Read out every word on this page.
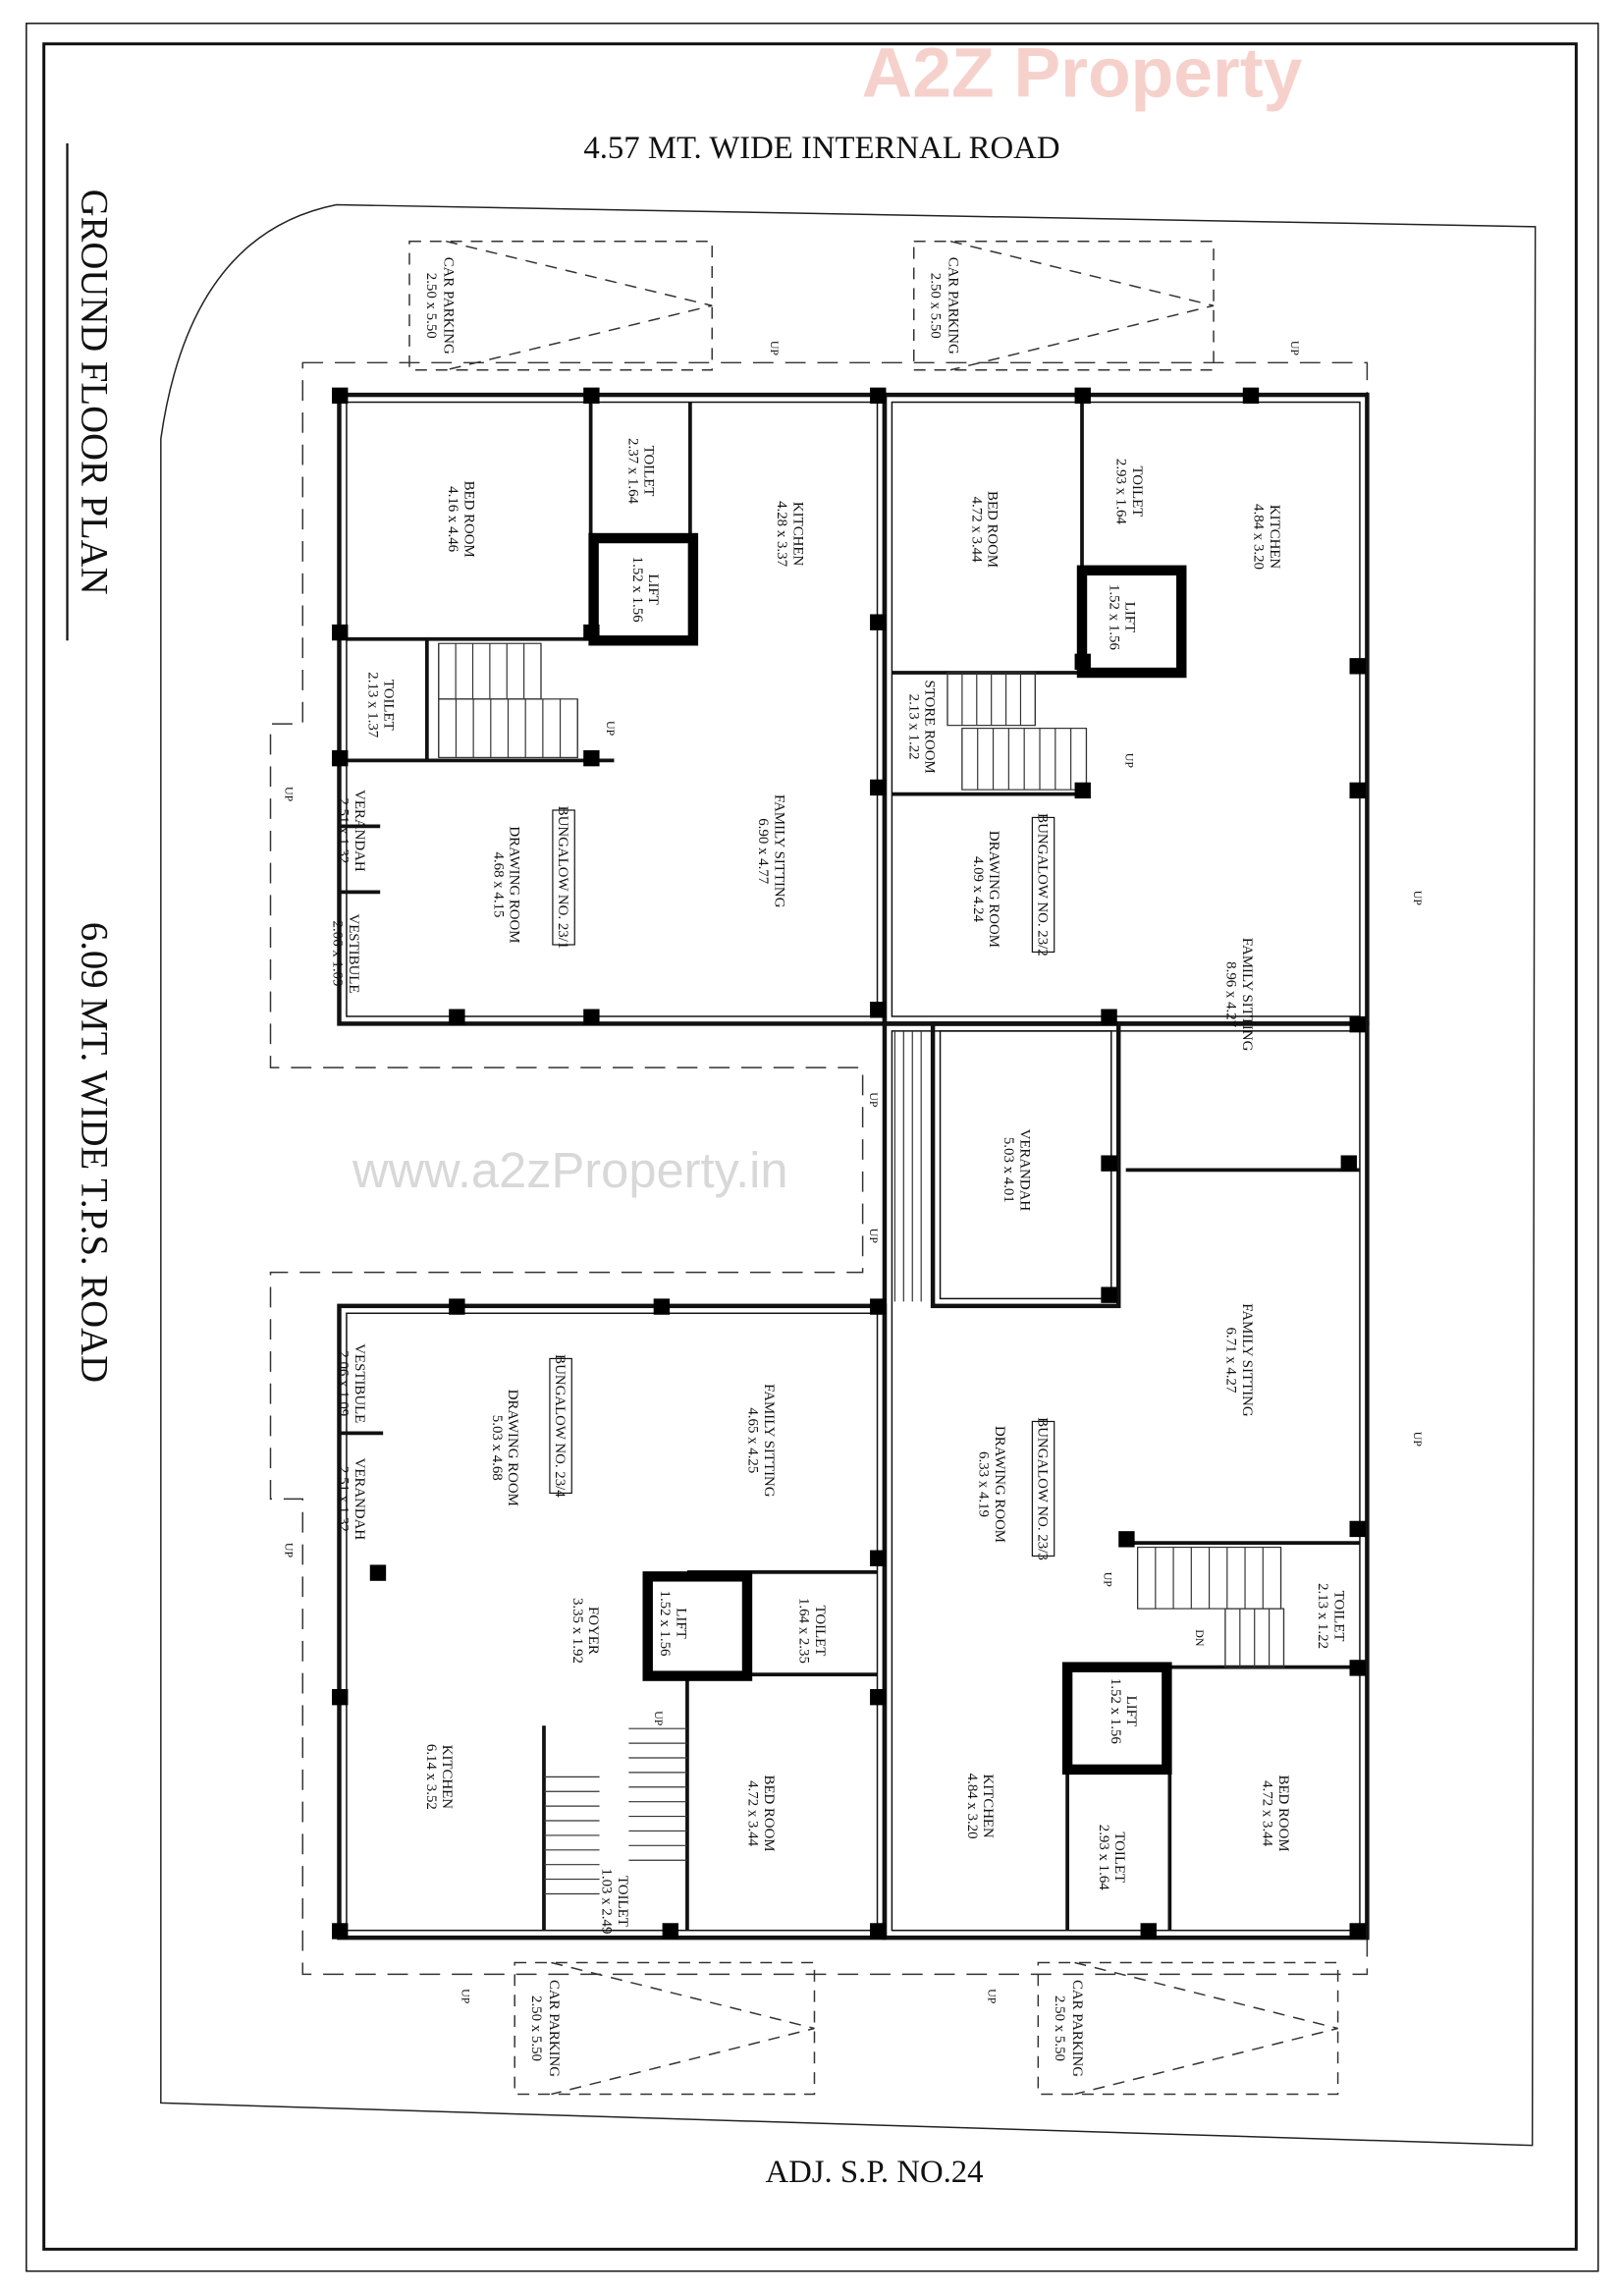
A2Z Property
www.a2zProperty.in
GROUND FLOOR PLAN
6.09 MT. WIDE T.P.S. ROAD
4.57 MT. WIDE INTERNAL ROAD
ADJ. S.P. NO.24
CAR PARKING2.50 x 5.50	CAR PARKING2.50 x 5.50
CAR PARKING2.50 x 5.50	CAR PARKING2.50 x 5.50
BED ROOM4.16 x 4.46
TOILET2.37 x 1.64
LIFT1.52 x 1.56
KITCHEN4.28 x 3.37
TOILET2.13 x 1.37
VERANDAH2.51 x 1.32
VESTIBULE2.06 x 1.09
DRAWING ROOM4.68 x 4.15	FAMILY SITTING6.90 x 4.77
BED ROOM4.72 x 3.44
TOILET2.93 x 1.64
LIFT1.52 x 1.56
KITCHEN4.84 x 3.20
STORE ROOM2.13 x 1.22
DRAWING ROOM4.09 x 4.24
FAMILY SITTING8.96 x 4.27
VERANDAH5.03 x 4.01
VESTIBULE2.06 x 1.09
VERANDAH2.51 x 1.32	DRAWING ROOM5.03 x 4.68	FAMILY SITTING4.65 x 4.25
LIFT1.52 x 1.56	TOILET1.64 x 2.35
FOYER3.35 x 1.92
KITCHEN6.14 x 3.52	BED ROOM4.72 x 3.44
TOILET1.03 x 2.49
FAMILY SITTING6.71 x 4.27
DRAWING ROOM6.33 x 4.19
TOILET2.13 x 1.22
LIFT1.52 x 1.56
KITCHEN4.84 x 3.20
TOILET2.93 x 1.64
BED ROOM4.72 x 3.44
BUNGALOW NO. 23/1	BUNGALOW NO. 23/2
BUNGALOW NO. 23/4	BUNGALOW NO. 23/3
UP	UP
UP
UP
UP
UP
UP
UP
UP
UP
UP
DN
UP
UP	UP
